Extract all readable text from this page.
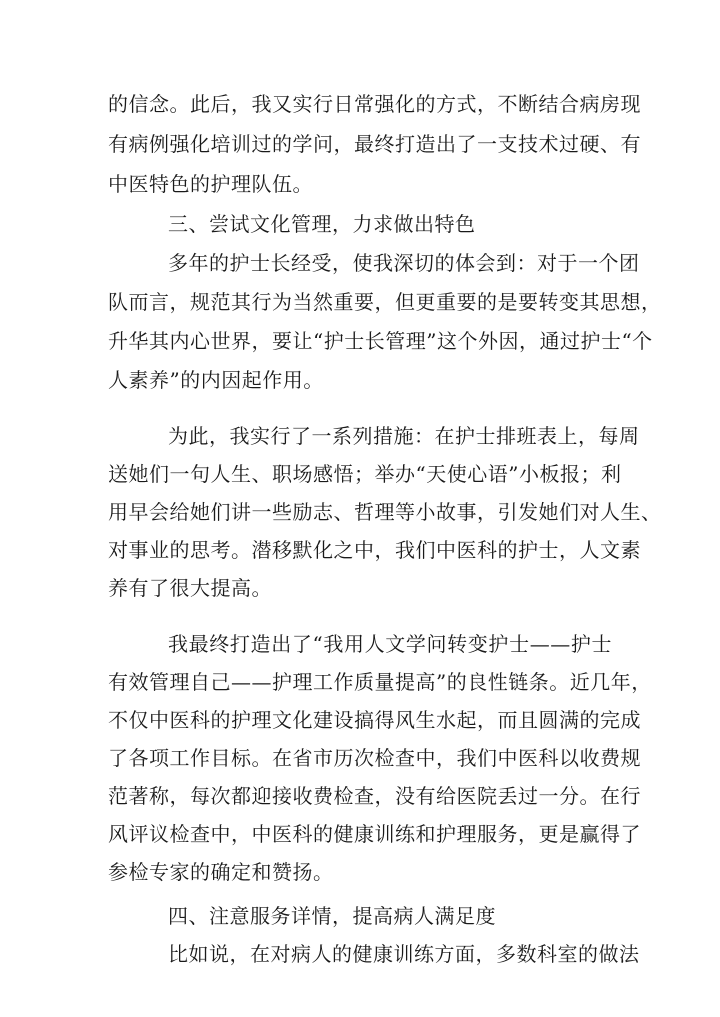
的信念。此后，我又实行日常强化的方式，不断结合病房现
有病例强化培训过的学问，最终打造出了一支技术过硬、有
中医特色的护理队伍。
三、尝试文化管理，力求做出特色
多年的护士长经受，使我深切的体会到：对于一个团
队而言，规范其行为当然重要，但更重要的是要转变其思想，
升华其内心世界，要让“护士长管理”这个外因，通过护士“个
人素养”的内因起作用。
为此，我实行了一系列措施：在护士排班表上，每周
送她们一句人生、职场感悟；举办“天使心语”小板报；利
用早会给她们讲一些励志、哲理等小故事，引发她们对人生、
对事业的思考。潜移默化之中，我们中医科的护士，人文素
养有了很大提高。
我最终打造出了“我用人文学问转变护士——护士
有效管理自己——护理工作质量提高”的良性链条。近几年，
不仅中医科的护理文化建设搞得风生水起，而且圆满的完成
了各项工作目标。在省市历次检查中，我们中医科以收费规
范著称，每次都迎接收费检查，没有给医院丢过一分。在行
风评议检查中，中医科的健康训练和护理服务，更是赢得了
参检专家的确定和赞扬。
四、注意服务详情，提高病人满足度
比如说，在对病人的健康训练方面，多数科室的做法
